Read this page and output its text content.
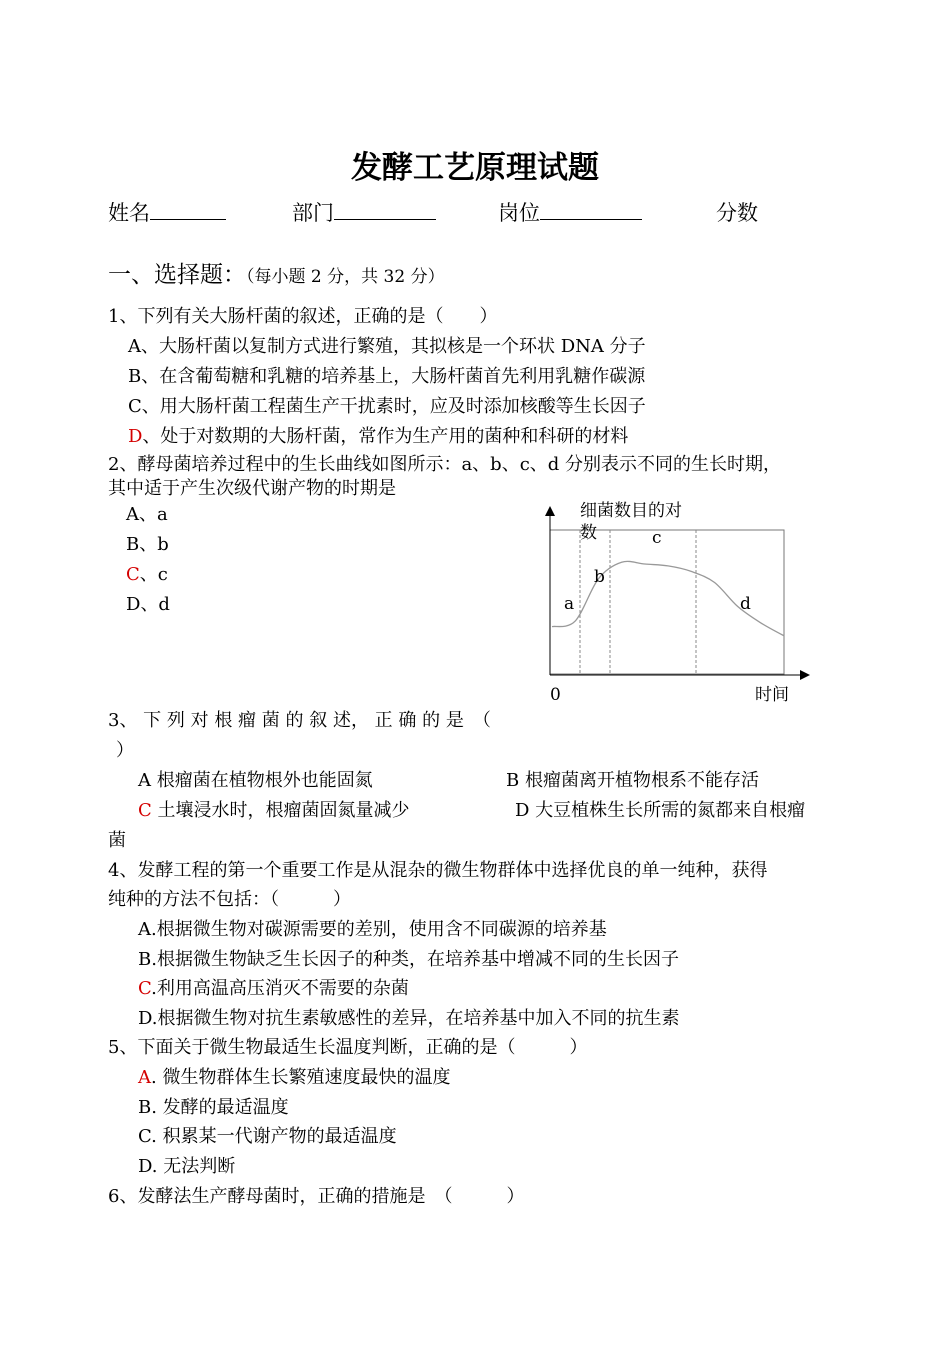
发酵工艺原理试题
姓名	部门	岗位	分数
一、选择题：（每小题 2 分，共 32 分）
1、下列有关大肠杆菌的叙述，正确的是（　　）
A、大肠杆菌以复制方式进行繁殖，其拟核是一个环状 DNA 分子
B、在含葡萄糖和乳糖的培养基上，大肠杆菌首先利用乳糖作碳源
C、用大肠杆菌工程菌生产干扰素时，应及时添加核酸等生长因子
D、处于对数期的大肠杆菌，常作为生产用的菌种和科研的材料
2、酵母菌培养过程中的生长曲线如图所示：a、b、c、d 分别表示不同的生长时期，
其中适于产生次级代谢产物的时期是
A、a
B、b
C、c
D、d
细菌数目的对
数
a
b
c
d
0	时间
3、 下 列 对 根 瘤 菌 的 叙 述， 正 确 的 是　（
）
A 根瘤菌在植物根外也能固氮	B 根瘤菌离开植物根系不能存活
C 土壤浸水时，根瘤菌固氮量减少	D 大豆植株生长所需的氮都来自根瘤
菌
4、发酵工程的第一个重要工作是从混杂的微生物群体中选择优良的单一纯种，获得
纯种的方法不包括：（　　　）
A.根据微生物对碳源需要的差别，使用含不同碳源的培养基
B.根据微生物缺乏生长因子的种类，在培养基中增减不同的生长因子
C.利用高温高压消灭不需要的杂菌
D.根据微生物对抗生素敏感性的差异，在培养基中加入不同的抗生素
5、下面关于微生物最适生长温度判断，正确的是（　　　）
A. 微生物群体生长繁殖速度最快的温度
B. 发酵的最适温度
C. 积累某一代谢产物的最适温度
D. 无法判断
6、发酵法生产酵母菌时，正确的措施是　（　　　）
